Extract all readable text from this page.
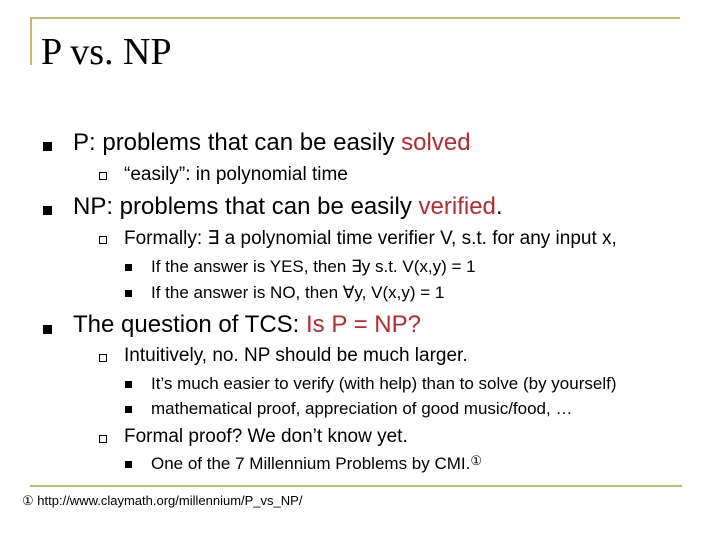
P vs. NP
P: problems that can be easily solved
“easily”: in polynomial time
NP: problems that can be easily verified.
Formally: ∃ a polynomial time verifier V, s.t. for any input x,
If the answer is YES, then ∃y s.t. V(x,y) = 1
If the answer is NO, then ∀y, V(x,y) = 1
The question of TCS: Is P = NP?
Intuitively, no. NP should be much larger.
It’s much easier to verify (with help) than to solve (by yourself)
mathematical proof, appreciation of good music/food, …
Formal proof? We don’t know yet.
One of the 7 Millennium Problems by CMI.①
① http://www.claymath.org/millennium/P_vs_NP/
